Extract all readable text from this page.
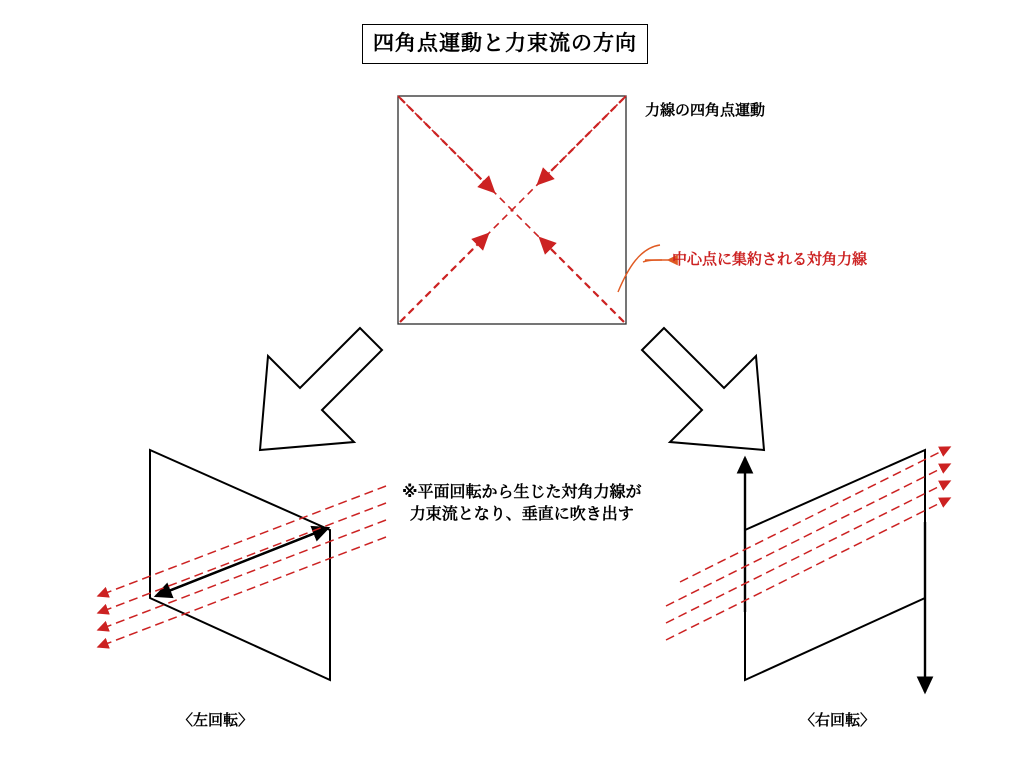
四角点運動と力束流の方向
力線の四角点運動
中心点に集約される対角力線
※平面回転から生じた対角力線が
力束流となり、垂直に吹き出す
〈左回転〉	〈右回転〉
